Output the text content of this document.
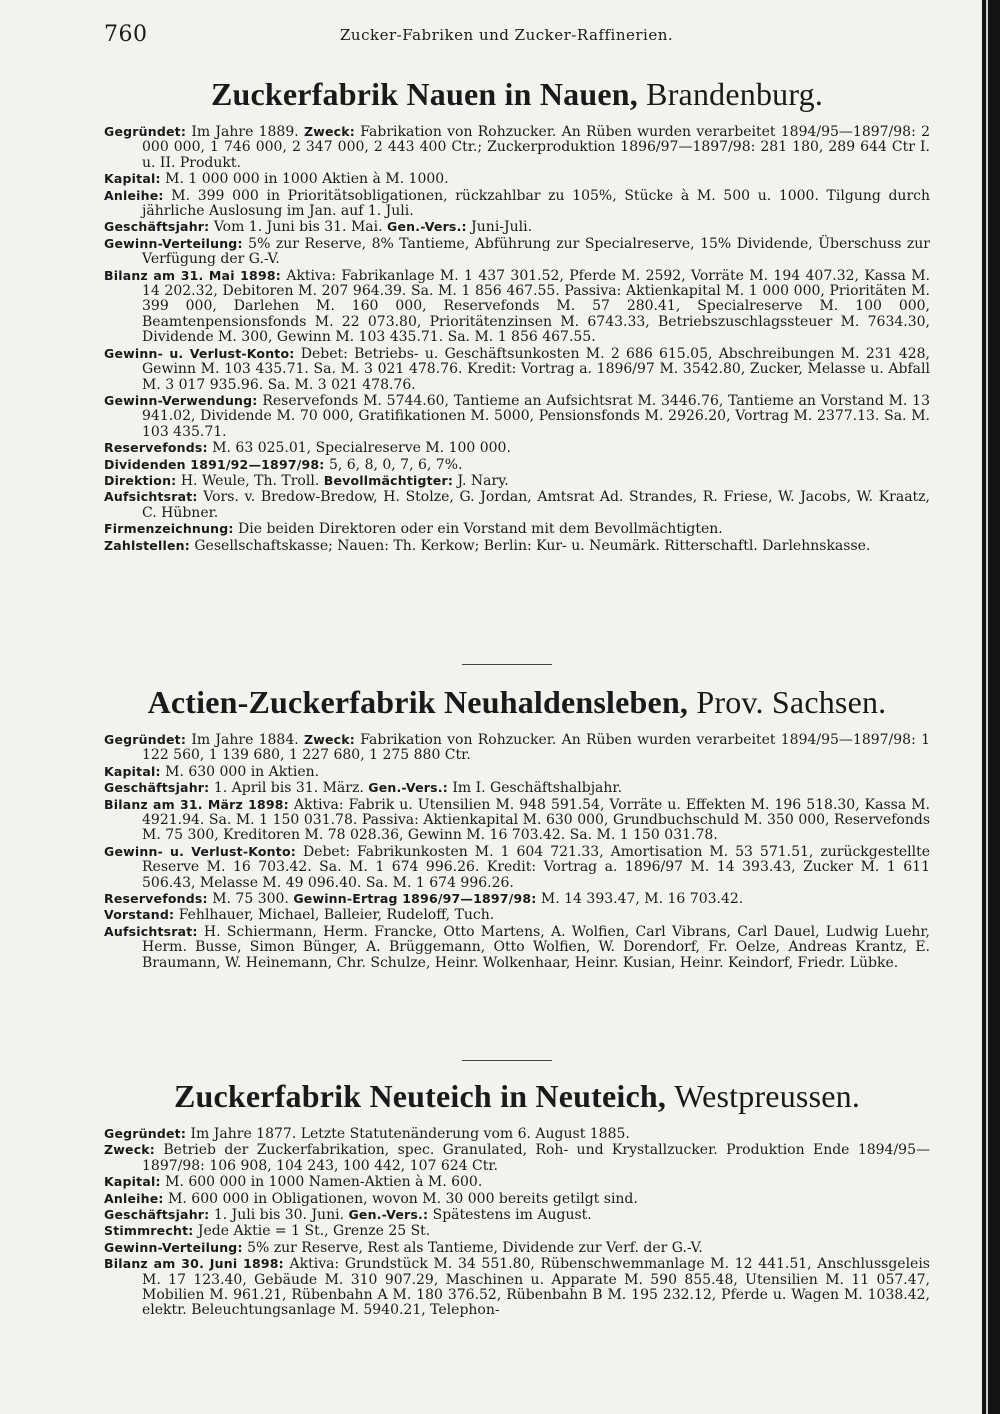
760	Zucker-Fabriken und Zucker-Raffinerien.
Zuckerfabrik Nauen in Nauen, Brandenburg.

Gegründet: Im Jahre 1889. Zweck: Fabrikation von Rohzucker. An Rüben wurden verarbeitet 1894/95—1897/98: 2 000 000, 1 746 000, 2 347 000, 2 443 400 Ctr.; Zuckerproduktion 1896/97—1897/98: 281 180, 289 644 Ctr I. u. II. Produkt.

Kapital: M. 1 000 000 in 1000 Aktien à M. 1000.

Anleihe: M. 399 000 in Prioritätsobligationen, rückzahlbar zu 105%, Stücke à M. 500 u. 1000. Tilgung durch jährliche Auslosung im Jan. auf 1. Juli.

Geschäftsjahr: Vom 1. Juni bis 31. Mai. Gen.-Vers.: Juni-Juli.

Gewinn-Verteilung: 5% zur Reserve, 8% Tantieme, Abführung zur Specialreserve, 15% Dividende, Überschuss zur Verfügung der G.-V.

Bilanz am 31. Mai 1898: Aktiva: Fabrikanlage M. 1 437 301.52, Pferde M. 2592, Vorräte M. 194 407.32, Kassa M. 14 202.32, Debitoren M. 207 964.39. Sa. M. 1 856 467.55. Passiva: Aktienkapital M. 1 000 000, Prioritäten M. 399 000, Darlehen M. 160 000, Reservefonds M. 57 280.41, Specialreserve M. 100 000, Beamtenpensionsfonds M. 22 073.80, Prioritätenzinsen M. 6743.33, Betriebszuschlagssteuer M. 7634.30, Dividende M. 300, Gewinn M. 103 435.71. Sa. M. 1 856 467.55.

Gewinn- u. Verlust-Konto: Debet: Betriebs- u. Geschäftsunkosten M. 2 686 615.05, Abschreibungen M. 231 428, Gewinn M. 103 435.71. Sa. M. 3 021 478.76. Kredit: Vortrag a. 1896/97 M. 3542.80, Zucker, Melasse u. Abfall M. 3 017 935.96. Sa. M. 3 021 478.76.

Gewinn-Verwendung: Reservefonds M. 5744.60, Tantieme an Aufsichtsrat M. 3446.76, Tantieme an Vorstand M. 13 941.02, Dividende M. 70 000, Gratifikationen M. 5000, Pensionsfonds M. 2926.20, Vortrag M. 2377.13. Sa. M. 103 435.71.

Reservefonds: M. 63 025.01, Specialreserve M. 100 000.

Dividenden 1891/92—1897/98: 5, 6, 8, 0, 7, 6, 7%.

Direktion: H. Weule, Th. Troll. Bevollmächtigter: J. Nary.

Aufsichtsrat: Vors. v. Bredow-Bredow, H. Stolze, G. Jordan, Amtsrat Ad. Strandes, R. Friese, W. Jacobs, W. Kraatz, C. Hübner.

Firmenzeichnung: Die beiden Direktoren oder ein Vorstand mit dem Bevollmächtigten.

Zahlstellen: Gesellschaftskasse; Nauen: Th. Kerkow; Berlin: Kur- u. Neumärk. Ritterschaftl. Darlehnskasse.

Actien-Zuckerfabrik Neuhaldensleben, Prov. Sachsen.

Gegründet: Im Jahre 1884. Zweck: Fabrikation von Rohzucker. An Rüben wurden verarbeitet 1894/95—1897/98: 1 122 560, 1 139 680, 1 227 680, 1 275 880 Ctr.

Kapital: M. 630 000 in Aktien.

Geschäftsjahr: 1. April bis 31. März. Gen.-Vers.: Im I. Geschäftshalbjahr.

Bilanz am 31. März 1898: Aktiva: Fabrik u. Utensilien M. 948 591.54, Vorräte u. Effekten M. 196 518.30, Kassa M. 4921.94. Sa. M. 1 150 031.78. Passiva: Aktienkapital M. 630 000, Grundbuchschuld M. 350 000, Reservefonds M. 75 300, Kreditoren M. 78 028.36, Gewinn M. 16 703.42. Sa. M. 1 150 031.78.

Gewinn- u. Verlust-Konto: Debet: Fabrikunkosten M. 1 604 721.33, Amortisation M. 53 571.51, zurückgestellte Reserve M. 16 703.42. Sa. M. 1 674 996.26. Kredit: Vortrag a. 1896/97 M. 14 393.43, Zucker M. 1 611 506.43, Melasse M. 49 096.40. Sa. M. 1 674 996.26.

Reservefonds: M. 75 300. Gewinn-Ertrag 1896/97—1897/98: M. 14 393.47, M. 16 703.42.

Vorstand: Fehlhauer, Michael, Balleier, Rudeloff, Tuch.

Aufsichtsrat: H. Schiermann, Herm. Francke, Otto Martens, A. Wolfien, Carl Vibrans, Carl Dauel, Ludwig Luehr, Herm. Busse, Simon Bünger, A. Brüggemann, Otto Wolfien, W. Dorendorf, Fr. Oelze, Andreas Krantz, E. Braumann, W. Heinemann, Chr. Schulze, Heinr. Wolkenhaar, Heinr. Kusian, Heinr. Keindorf, Friedr. Lübke.

Zuckerfabrik Neuteich in Neuteich, Westpreussen.

Gegründet: Im Jahre 1877. Letzte Statutenänderung vom 6. August 1885.

Zweck: Betrieb der Zuckerfabrikation, spec. Granulated, Roh- und Krystallzucker. Produktion Ende 1894/95—1897/98: 106 908, 104 243, 100 442, 107 624 Ctr.

Kapital: M. 600 000 in 1000 Namen-Aktien à M. 600.

Anleihe: M. 600 000 in Obligationen, wovon M. 30 000 bereits getilgt sind.

Geschäftsjahr: 1. Juli bis 30. Juni. Gen.-Vers.: Spätestens im August.

Stimmrecht: Jede Aktie = 1 St., Grenze 25 St.

Gewinn-Verteilung: 5% zur Reserve, Rest als Tantieme, Dividende zur Verf. der G.-V.

Bilanz am 30. Juni 1898: Aktiva: Grundstück M. 34 551.80, Rübenschwemmanlage M. 12 441.51, Anschlussgeleis M. 17 123.40, Gebäude M. 310 907.29, Maschinen u. Apparate M. 590 855.48, Utensilien M. 11 057.47, Mobilien M. 961.21, Rübenbahn A M. 180 376.52, Rübenbahn B M. 195 232.12, Pferde u. Wagen M. 1038.42, elektr. Beleuchtungsanlage M. 5940.21, Telephon-
